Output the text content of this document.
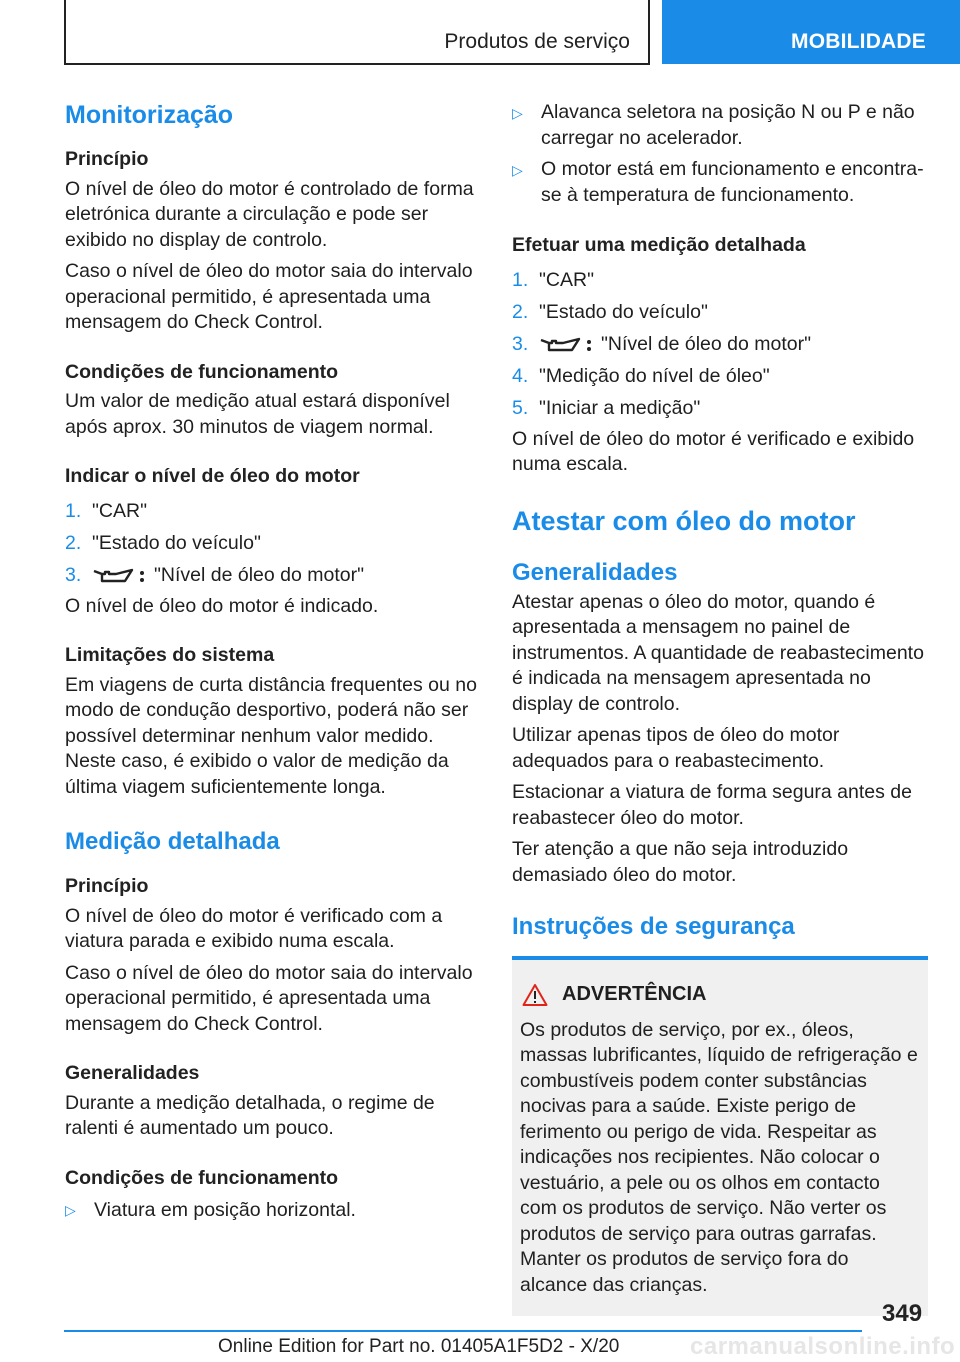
Produtos de serviço	MOBILIDADE
Monitorização
Princípio

O nível de óleo do motor é controlado de forma eletrónica durante a circulação e pode ser exibido no display de controlo.

Caso o nível de óleo do motor saia do intervalo operacional permitido, é apresentada uma mensagem do Check Control.

Condições de funcionamento

Um valor de medição atual estará disponível após aprox. 30 minutos de viagem normal.

Indicar o nível de óleo do motor
1. "CAR"
2. "Estado do veículo"
3.	"Nível de óleo do motor"

O nível de óleo do motor é indicado.

Limitações do sistema

Em viagens de curta distância frequentes ou no modo de condução desportivo, poderá não ser possível determinar nenhum valor medido. Neste caso, é exibido o valor de medição da última viagem suficientemente longa.

Medição detalhada
Princípio

O nível de óleo do motor é verificado com a viatura parada e exibido numa escala.

Caso o nível de óleo do motor saia do intervalo operacional permitido, é apresentada uma mensagem do Check Control.

Generalidades

Durante a medição detalhada, o regime de ralenti é aumentado um pouco.

Condições de funcionamento
▷ Viatura em posição horizontal.
▷ Alavanca seletora na posição N ou P e não carregar no acelerador.
▷ O motor está em funcionamento e encontra-se à temperatura de funcionamento.
Efetuar uma medição detalhada
1. "CAR"
2. "Estado do veículo"
3.	"Nível de óleo do motor"
4. "Medição do nível de óleo"
5. "Iniciar a medição"

O nível de óleo do motor é verificado e exibido numa escala.

Atestar com óleo do motor
Generalidades

Atestar apenas o óleo do motor, quando é apresentada a mensagem no painel de instrumentos. A quantidade de reabastecimento é indicada na mensagem apresentada no display de controlo.

Utilizar apenas tipos de óleo do motor adequados para o reabastecimento.

Estacionar a viatura de forma segura antes de reabastecer óleo do motor.

Ter atenção a que não seja introduzido demasiado óleo do motor.

Instruções de segurança
ADVERTÊNCIA

Os produtos de serviço, por ex., óleos, massas lubrificantes, líquido de refrigeração e combustíveis podem conter substâncias nocivas para a saúde. Existe perigo de ferimento ou perigo de vida. Respeitar as indicações nos recipientes. Não colocar o vestuário, a pele ou os olhos em contacto com os produtos de serviço. Não verter os produtos de serviço para outras garrafas. Manter os produtos de serviço fora do alcance das crianças.

349
Online Edition for Part no. 01405A1F5D2 - X/20	carmanualsonline.info
